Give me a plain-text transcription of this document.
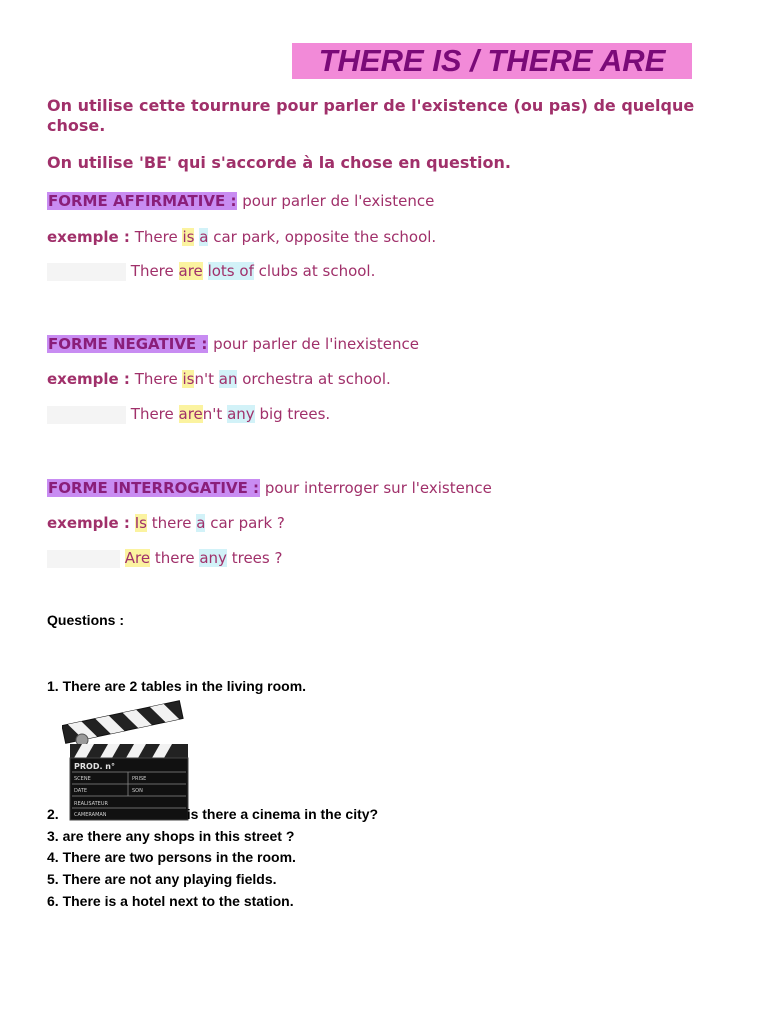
THERE IS / THERE ARE
On utilise cette tournure pour parler de l'existence (ou pas) de quelque chose.
On utilise 'BE' qui s'accorde à la chose en question.
FORME AFFIRMATIVE : pour parler de l'existence
exemple : There is a car park, opposite the school.
There are lots of clubs at school.
FORME NEGATIVE : pour parler de l'inexistence
exemple : There isn't an orchestra at school.
There aren't any big trees.
FORME INTERROGATIVE : pour interroger sur l'existence
exemple : Is there a car park ?
Are there any trees ?
Questions :
1. There are 2 tables in the living room.
PROD. n°
SCENE	PRISE
DATE	SON
REALISATEUR
CAMERAMAN
2.	is there a cinema in the city?
3. are there any shops in this street ?
4. There are two persons in the room.
5. There are not any playing fields.
6. There is a hotel next to the station.
